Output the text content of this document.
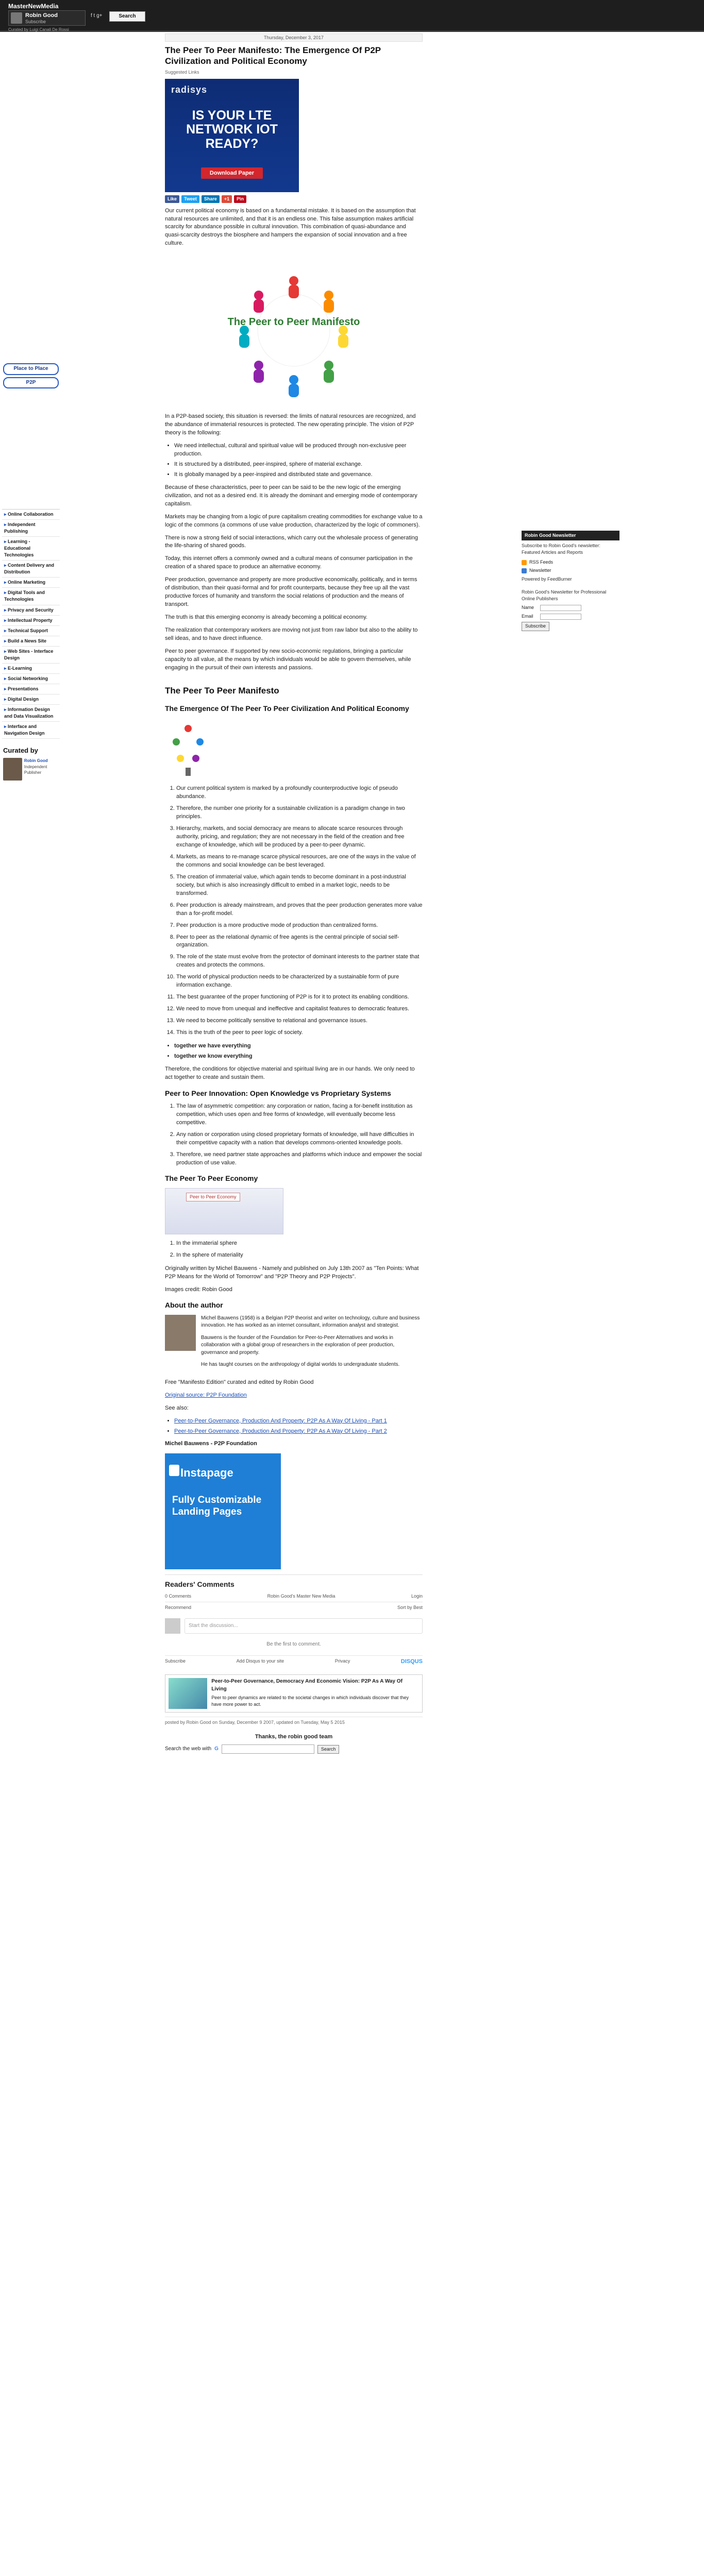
MasterNewMedia
Robin Good
Subscribe
f t g+	Search
Curated by Luigi Canali De Rossi
Place to Place
P2P
▸ Online Collaboration
▸ Independent Publishing
▸ Learning - Educational Technologies
▸ Content Delivery and Distribution
▸ Online Marketing
▸ Digital Tools and Technologies
▸ Privacy and Security
▸ Intellectual Property
▸ Technical Support
▸ Build a News Site
▸ Web Sites - Interface Design
▸ E-Learning
▸ Social Networking
▸ Presentations
▸ Digital Design
▸ Information Design and Data Visualization
▸ Interface and Navigation Design
Curated by
Robin Good
Independent Publisher
Thursday, December 3, 2017
The Peer To Peer Manifesto: The Emergence Of P2P Civilization and Political Economy
Suggested Links
radisys
IS YOUR LTE NETWORK IOT READY?
Download Paper
Like	Tweet	Share	+1	Pin

Our current political economy is based on a fundamental mistake. It is based on the assumption that natural resources are unlimited, and that it is an endless one. This false assumption makes artificial scarcity for abundance possible in cultural innovation. This combination of quasi-abundance and quasi-scarcity destroys the biosphere and hampers the expansion of social innovation and a free culture.

The Peer to Peer Manifesto

In a P2P-based society, this situation is reversed: the limits of natural resources are recognized, and the abundance of immaterial resources is protected. The new operating principle. The vision of P2P theory is the following:

• We need intellectual, cultural and spiritual value will be produced through non-exclusive peer production.
• It is structured by a distributed, peer-inspired, sphere of material exchange.
• It is globally managed by a peer-inspired and distributed state and governance.

Because of these characteristics, peer to peer can be said to be the new logic of the emerging civilization, and not as a desired end. It is already the dominant and emerging mode of contemporary capitalism.

Markets may be changing from a logic of pure capitalism creating commodities for exchange value to a logic of the commons (a commons of use value production, characterized by the logic of commoners).

There is now a strong field of social interactions, which carry out the wholesale process of generating the life-sharing of shared goods.

Today, this internet offers a commonly owned and a cultural means of consumer participation in the creation of a shared space to produce an alternative economy.

Peer production, governance and property are more productive economically, politically, and in terms of distribution, than their quasi-formal and for profit counterparts, because they free up all the vast productive forces of humanity and transform the social relations of production and the means of transport.

The truth is that this emerging economy is already becoming a political economy.

The realization that contemporary workers are moving not just from raw labor but also to the ability to sell ideas, and to have direct influence.

Peer to peer governance. If supported by new socio-economic regulations, bringing a particular capacity to all value, all the means by which individuals would be able to govern themselves, while engaging in the pursuit of their own interests and passions.

The Peer To Peer Manifesto
The Emergence Of The Peer To Peer Civilization And Political Economy
1. Our current political system is marked by a profoundly counterproductive logic of pseudo abundance.
2. Therefore, the number one priority for a sustainable civilization is a paradigm change in two principles.
3. Hierarchy, markets, and social democracy are means to allocate scarce resources through authority, pricing, and regulation; they are not necessary in the field of the creation and free exchange of knowledge, which will be produced by a peer-to-peer dynamic.
4. Markets, as means to re-manage scarce physical resources, are one of the ways in the value of the commons and social knowledge can be best leveraged.
5. The creation of immaterial value, which again tends to become dominant in a post-industrial society, but which is also increasingly difficult to embed in a market logic, needs to be transformed.
6. Peer production is already mainstream, and proves that the peer production generates more value than a for-profit model.
7. Peer production is a more productive mode of production than centralized forms.
8. Peer to peer as the relational dynamic of free agents is the central principle of social self-organization.
9. The role of the state must evolve from the protector of dominant interests to the partner state that creates and protects the commons.
10. The world of physical production needs to be characterized by a sustainable form of pure information exchange.
11. The best guarantee of the proper functioning of P2P is for it to protect its enabling conditions.
12. We need to move from unequal and ineffective and capitalist features to democratic features.
13. We need to become politically sensitive to relational and governance issues.
14. This is the truth of the peer to peer logic of society.
• together we have everything
• together we know everything

Therefore, the conditions for objective material and spiritual living are in our hands. We only need to act together to create and sustain them.

Peer to Peer Innovation: Open Knowledge vs Proprietary Systems
1. The law of asymmetric competition: any corporation or nation, facing a for-benefit institution as competition, which uses open and free forms of knowledge, will eventually become less competitive.
2. Any nation or corporation using closed proprietary formats of knowledge, will have difficulties in their competitive capacity with a nation that develops commons-oriented knowledge pools.
3. Therefore, we need partner state approaches and platforms which induce and empower the social production of use value.
The Peer To Peer Economy
Peer to Peer Economy
1. In the immaterial sphere
2. In the sphere of materiality

Originally written by Michel Bauwens - Namely and published on July 13th 2007 as "Ten Points: What P2P Means for the World of Tomorrow" and "P2P Theory and P2P Projects".

Images credit: Robin Good

About the author

Michel Bauwens (1958) is a Belgian P2P theorist and writer on technology, culture and business innovation. He has worked as an internet consultant, information analyst and strategist.

Bauwens is the founder of the Foundation for Peer-to-Peer Alternatives and works in collaboration with a global group of researchers in the exploration of peer production, governance and property.

He has taught courses on the anthropology of digital worlds to undergraduate students.

Free "Manifesto Edition" curated and edited by Robin Good

Original source: P2P Foundation

See also:

• Peer-to-Peer Governance, Production And Property: P2P As A Way Of Living - Part 1
• Peer-to-Peer Governance, Production And Property: P2P As A Way Of Living - Part 2

Michel Bauwens - P2P Foundation

Instapage
Fully Customizable Landing Pages
Readers' Comments
0 Comments	Robin Good's Master New Media	Login
Recommend	Sort by Best
Start the discussion...
Be the first to comment.
Subscribe	Add Disqus to your site	Privacy	DISQUS
Peer-to-Peer Governance, Democracy And Economic Vision: P2P As A Way Of Living
Peer to peer dynamics are related to the societal changes in which individuals discover that they have more power to act.
posted by Robin Good on Sunday, December 9 2007, updated on Tuesday, May 5 2015
Thanks, the robin good team
Search the web with G	Search
Robin Good Newsletter
Subscribe to Robin Good's newsletter: Featured Articles and Reports
RSS Feeds
Newsletter
Powered by FeedBurner
Robin Good's Newsletter for Professional Online Publishers
Name
Email
Subscribe
